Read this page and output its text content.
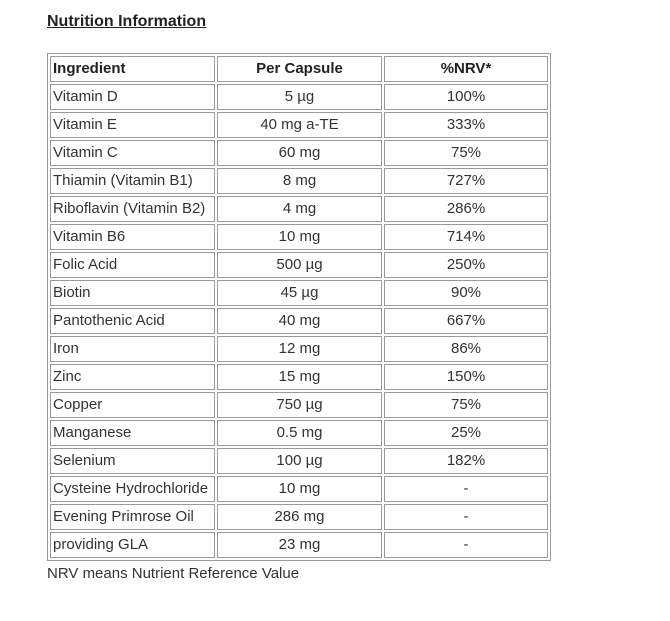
Nutrition Information
Ingredient	Per Capsule	%NRV*
Vitamin D	5 µg	100%
Vitamin E	40 mg a-TE	333%
Vitamin C	60 mg	75%
Thiamin (Vitamin B1)	8 mg	727%
Riboflavin (Vitamin B2)	4 mg	286%
Vitamin B6	10 mg	714%
Folic Acid	500 µg	250%
Biotin	45 µg	90%
Pantothenic Acid	40 mg	667%
Iron	12 mg	86%
Zinc	15 mg	150%
Copper	750 µg	75%
Manganese	0.5 mg	25%
Selenium	100 µg	182%
Cysteine Hydrochloride	10 mg	-
Evening Primrose Oil	286 mg	-
providing GLA	23 mg	-
NRV means Nutrient Reference Value
